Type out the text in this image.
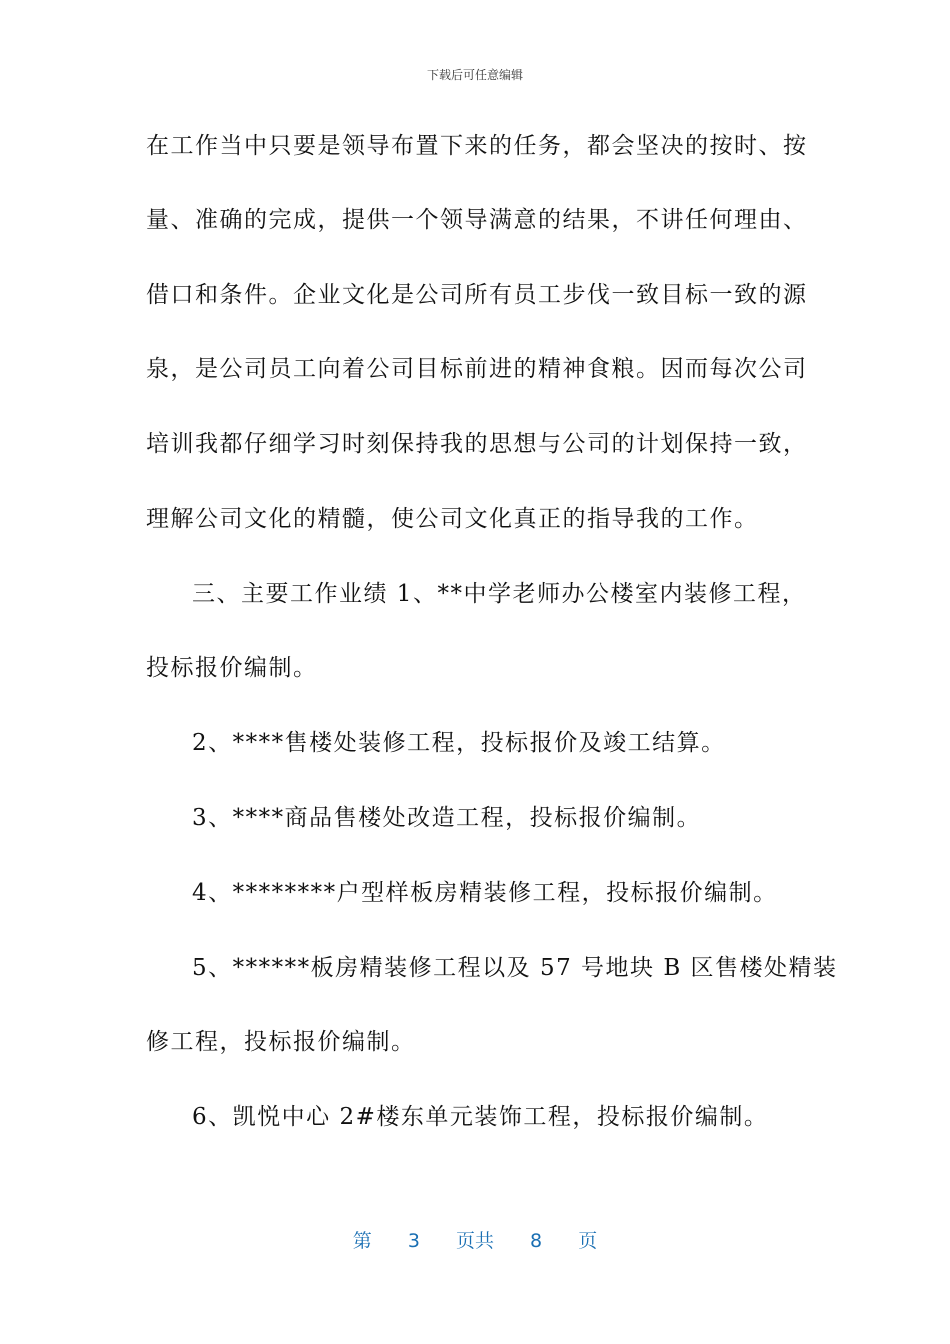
下载后可任意编辑
在工作当中只要是领导布置下来的任务，都会坚决的按时、按
量、准确的完成，提供一个领导满意的结果，不讲任何理由、
借口和条件。企业文化是公司所有员工步伐一致目标一致的源
泉，是公司员工向着公司目标前进的精神食粮。因而每次公司
培训我都仔细学习时刻保持我的思想与公司的计划保持一致，
理解公司文化的精髓，使公司文化真正的指导我的工作。
三、主要工作业绩 1、**中学老师办公楼室内装修工程，
投标报价编制。
2、****售楼处装修工程，投标报价及竣工结算。
3、****商品售楼处改造工程，投标报价编制。
4、********户型样板房精装修工程，投标报价编制。
5、******板房精装修工程以及 57 号地块 B 区售楼处精装
修工程，投标报价编制。
6、凯悦中心 2#楼东单元装饰工程，投标报价编制。
第 3 页共 8 页
